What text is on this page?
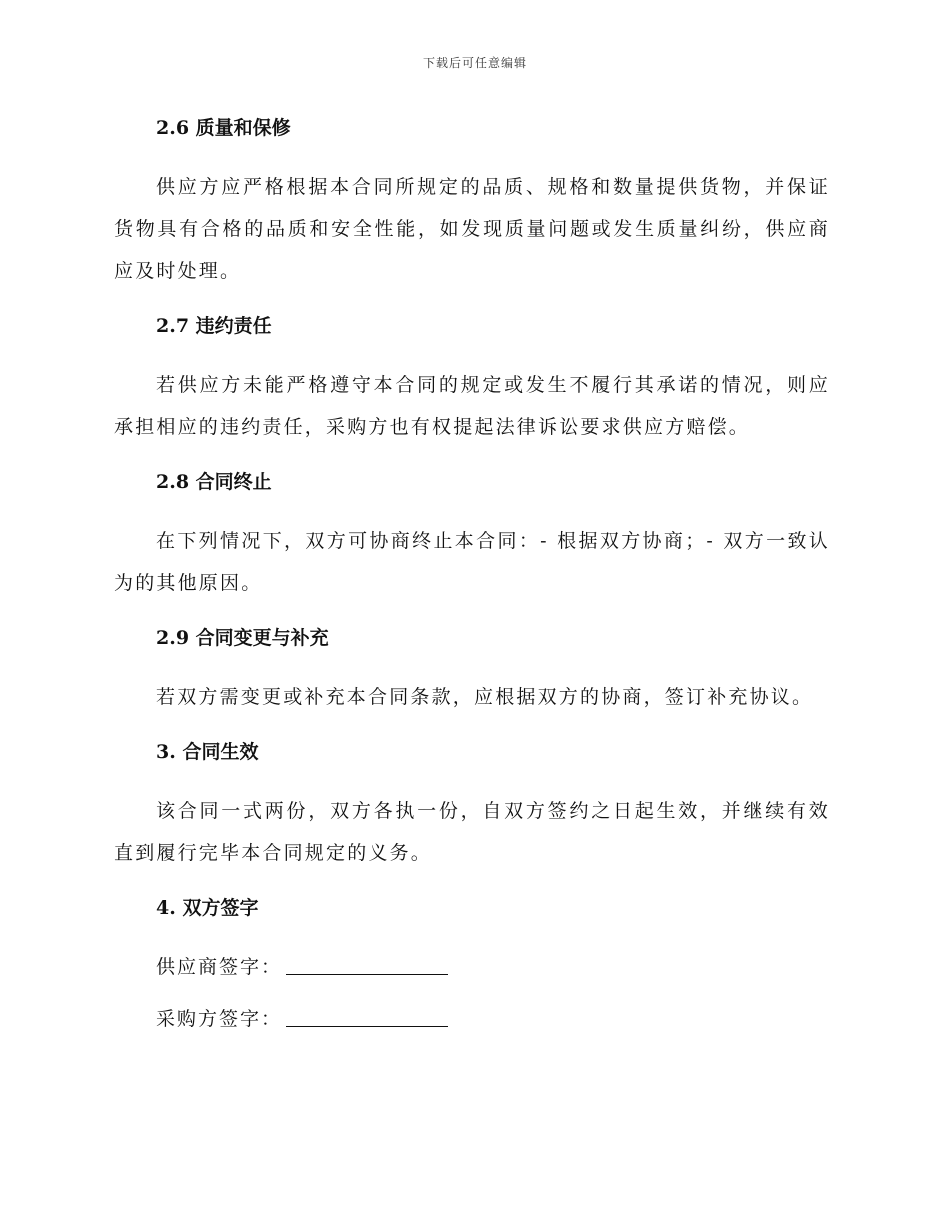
下载后可任意编辑
2.6 质量和保修

供应方应严格根据本合同所规定的品质、规格和数量提供货物，并保证货物具有合格的品质和安全性能，如发现质量问题或发生质量纠纷，供应商应及时处理。

2.7 违约责任

若供应方未能严格遵守本合同的规定或发生不履行其承诺的情况，则应承担相应的违约责任，采购方也有权提起法律诉讼要求供应方赔偿。

2.8 合同终止

在下列情况下，双方可协商终止本合同：- 根据双方协商；- 双方一致认为的其他原因。

2.9 合同变更与补充

若双方需变更或补充本合同条款，应根据双方的协商，签订补充协议。

3. 合同生效

该合同一式两份，双方各执一份，自双方签约之日起生效，并继续有效直到履行完毕本合同规定的义务。

4. 双方签字
供应商签字：
采购方签字：
